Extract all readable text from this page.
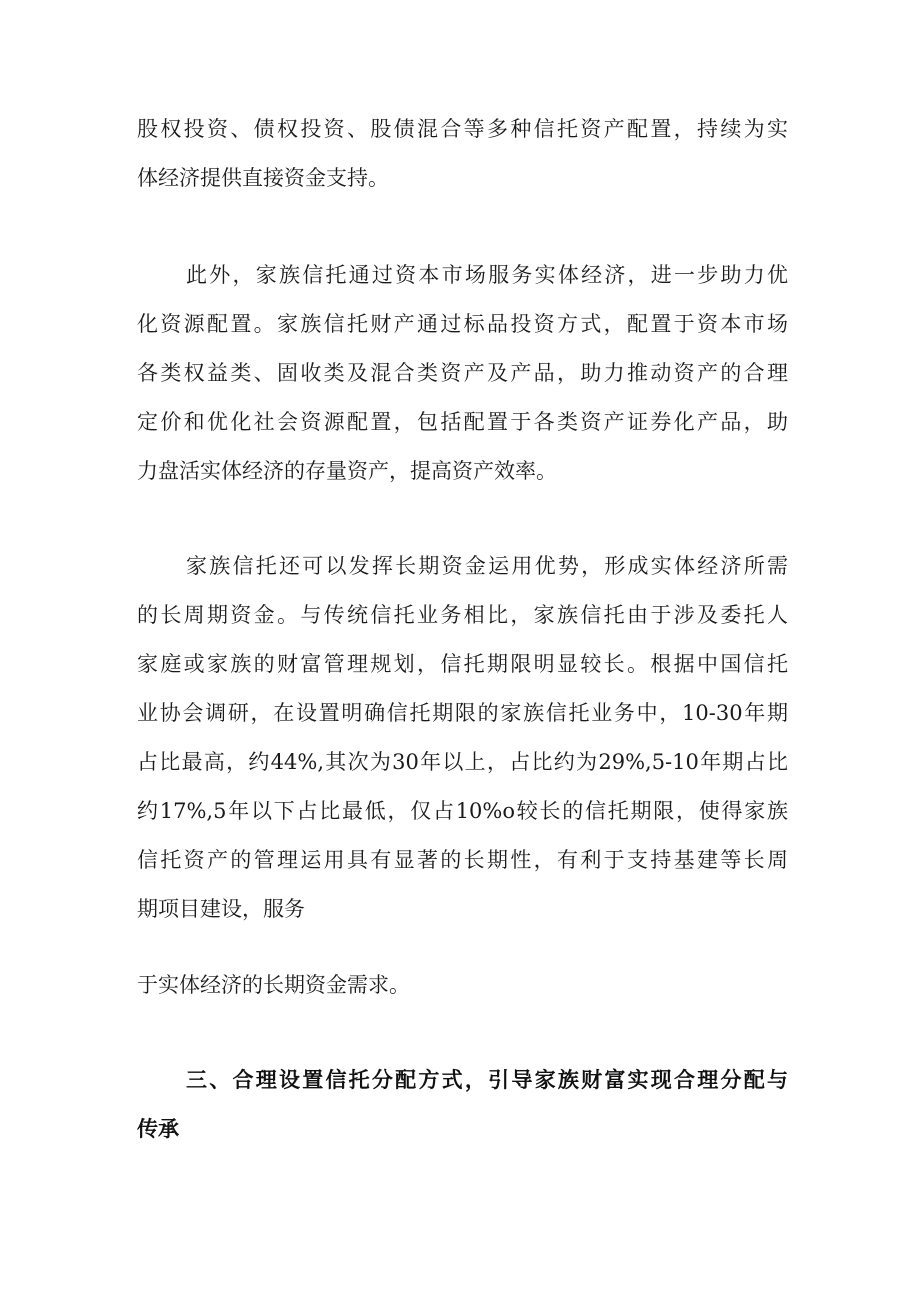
股权投资、债权投资、股债混合等多种信托资产配置，持续为实
体经济提供直接资金支持。
此外，家族信托通过资本市场服务实体经济，进一步助力优
化资源配置。家族信托财产通过标品投资方式，配置于资本市场
各类权益类、固收类及混合类资产及产品，助力推动资产的合理
定价和优化社会资源配置，包括配置于各类资产证券化产品，助
力盘活实体经济的存量资产，提高资产效率。
家族信托还可以发挥长期资金运用优势，形成实体经济所需
的长周期资金。与传统信托业务相比，家族信托由于涉及委托人
家庭或家族的财富管理规划，信托期限明显较长。根据中国信托
业协会调研，在设置明确信托期限的家族信托业务中，10-30年期
占比最高，约44%,其次为30年以上，占比约为29%,5-10年期占比
约17%,5年以下占比最低，仅占10%o较长的信托期限，使得家族
信托资产的管理运用具有显著的长期性，有利于支持基建等长周
期项目建设，服务
于实体经济的长期资金需求。
三、合理设置信托分配方式，引导家族财富实现合理分配与
传承
